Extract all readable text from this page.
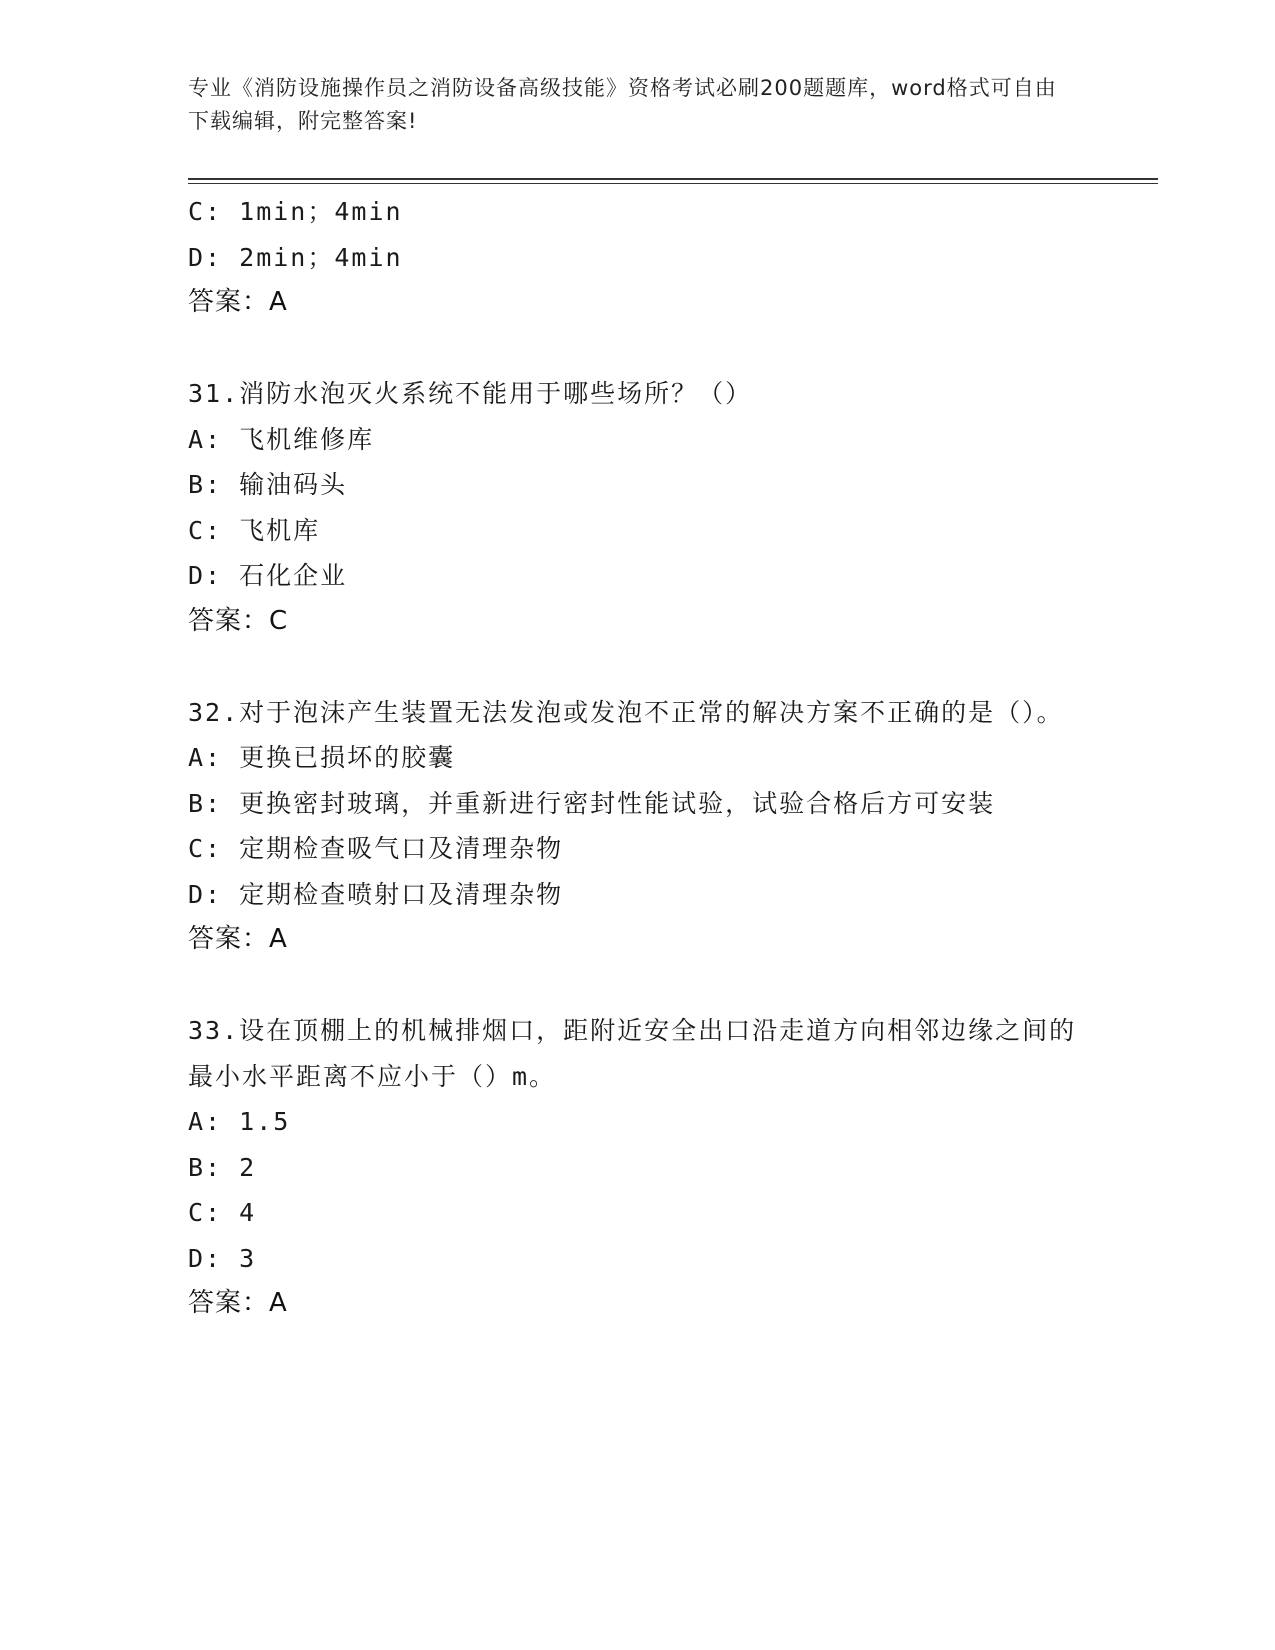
专业《消防设施操作员之消防设备高级技能》资格考试必刷200题题库，word格式可自由下载编辑，附完整答案!
C: 1min；4min
D: 2min；4min
答案：A
31.消防水泡灭火系统不能用于哪些场所？（）
A: 飞机维修库
B: 输油码头
C: 飞机库
D: 石化企业
答案：C
32.对于泡沫产生装置无法发泡或发泡不正常的解决方案不正确的是（）。
A: 更换已损坏的胶囊
B: 更换密封玻璃，并重新进行密封性能试验，试验合格后方可安装
C: 定期检查吸气口及清理杂物
D: 定期检查喷射口及清理杂物
答案：A
33.设在顶棚上的机械排烟口，距附近安全出口沿走道方向相邻边缘之间的最小水平距离不应小于（）m。
A: 1.5
B: 2
C: 4
D: 3
答案：A
